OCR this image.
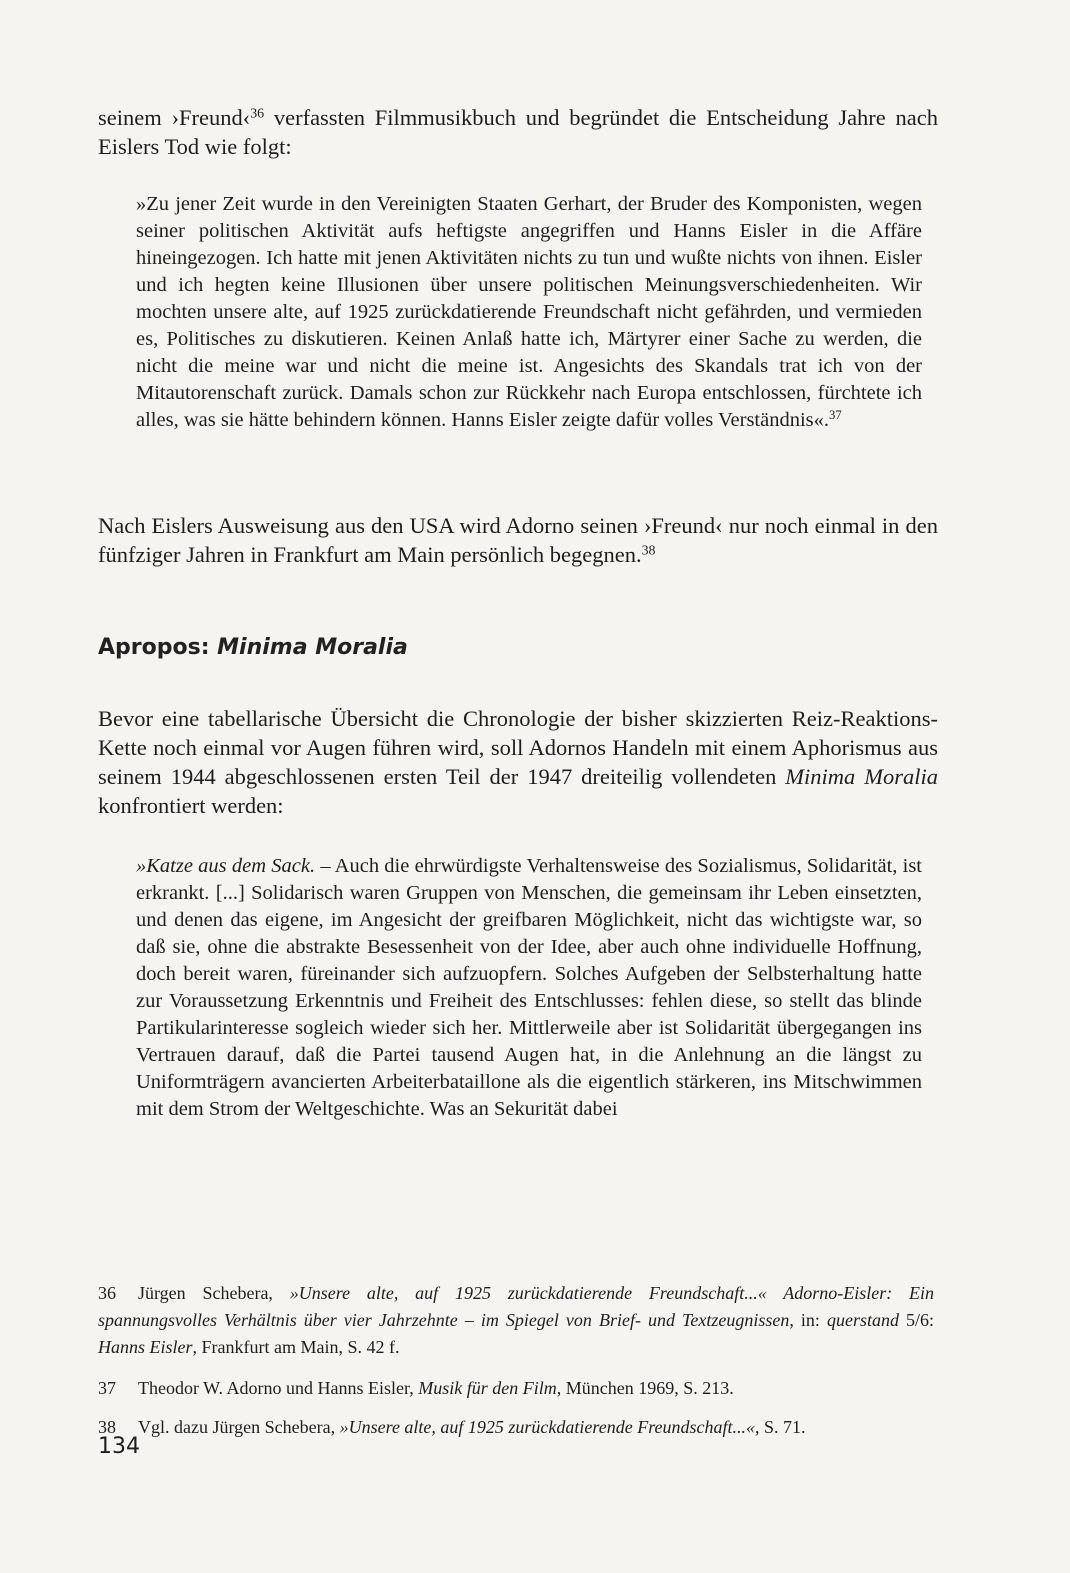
seinem ›Freund‹$^{36}$ verfassten Filmmusikbuch und begründet die Entscheidung Jahre nach Eislers Tod wie folgt:

»Zu jener Zeit wurde in den Vereinigten Staaten Gerhart, der Bruder des Komponisten, wegen seiner politischen Aktivität aufs heftigste angegriffen und Hanns Eisler in die Affäre hineingezogen. Ich hatte mit jenen Aktivitäten nichts zu tun und wußte nichts von ihnen. Eisler und ich hegten keine Illusionen über unsere politischen Meinungsverschiedenheiten. Wir mochten unsere alte, auf 1925 zurückdatierende Freundschaft nicht gefährden, und vermieden es, Politisches zu diskutieren. Keinen Anlaß hatte ich, Märtyrer einer Sache zu werden, die nicht die meine war und nicht die meine ist. Angesichts des Skandals trat ich von der Mitautorenschaft zurück. Damals schon zur Rückkehr nach Europa entschlossen, fürchtete ich alles, was sie hätte behindern können. Hanns Eisler zeigte dafür volles Verständnis«.$^{37}$

Nach Eislers Ausweisung aus den USA wird Adorno seinen ›Freund‹ nur noch einmal in den fünfziger Jahren in Frankfurt am Main persönlich begegnen.$^{38}$

Apropos: Minima Moralia

Bevor eine tabellarische Übersicht die Chronologie der bisher skizzierten Reiz-Reaktions-Kette noch einmal vor Augen führen wird, soll Adornos Handeln mit einem Aphorismus aus seinem 1944 abgeschlossenen ersten Teil der 1947 dreiteilig vollendeten Minima Moralia konfrontiert werden:

»Katze aus dem Sack. – Auch die ehrwürdigste Verhaltensweise des Sozialismus, Solidarität, ist erkrankt. [...] Solidarisch waren Gruppen von Menschen, die gemeinsam ihr Leben einsetzten, und denen das eigene, im Angesicht der greifbaren Möglichkeit, nicht das wichtigste war, so daß sie, ohne die abstrakte Besessenheit von der Idee, aber auch ohne individuelle Hoffnung, doch bereit waren, füreinander sich aufzuopfern. Solches Aufgeben der Selbsterhaltung hatte zur Voraussetzung Erkenntnis und Freiheit des Entschlusses: fehlen diese, so stellt das blinde Partikularinteresse sogleich wieder sich her. Mittlerweile aber ist Solidarität übergegangen ins Vertrauen darauf, daß die Partei tausend Augen hat, in die Anlehnung an die längst zu Uniformträgern avancierten Arbeiterbataillone als die eigentlich stärkeren, ins Mitschwimmen mit dem Strom der Weltgeschichte. Was an Sekurität dabei

36 Jürgen Schebera, »Unsere alte, auf 1925 zurückdatierende Freundschaft...« Adorno-Eisler: Ein spannungsvolles Verhältnis über vier Jahrzehnte – im Spiegel von Brief- und Textzeugnissen, in: querstand 5/6: Hanns Eisler, Frankfurt am Main, S. 42 f.

37 Theodor W. Adorno und Hanns Eisler, Musik für den Film, München 1969, S. 213.

38 Vgl. dazu Jürgen Schebera, »Unsere alte, auf 1925 zurückdatierende Freundschaft...«, S. 71.

134
